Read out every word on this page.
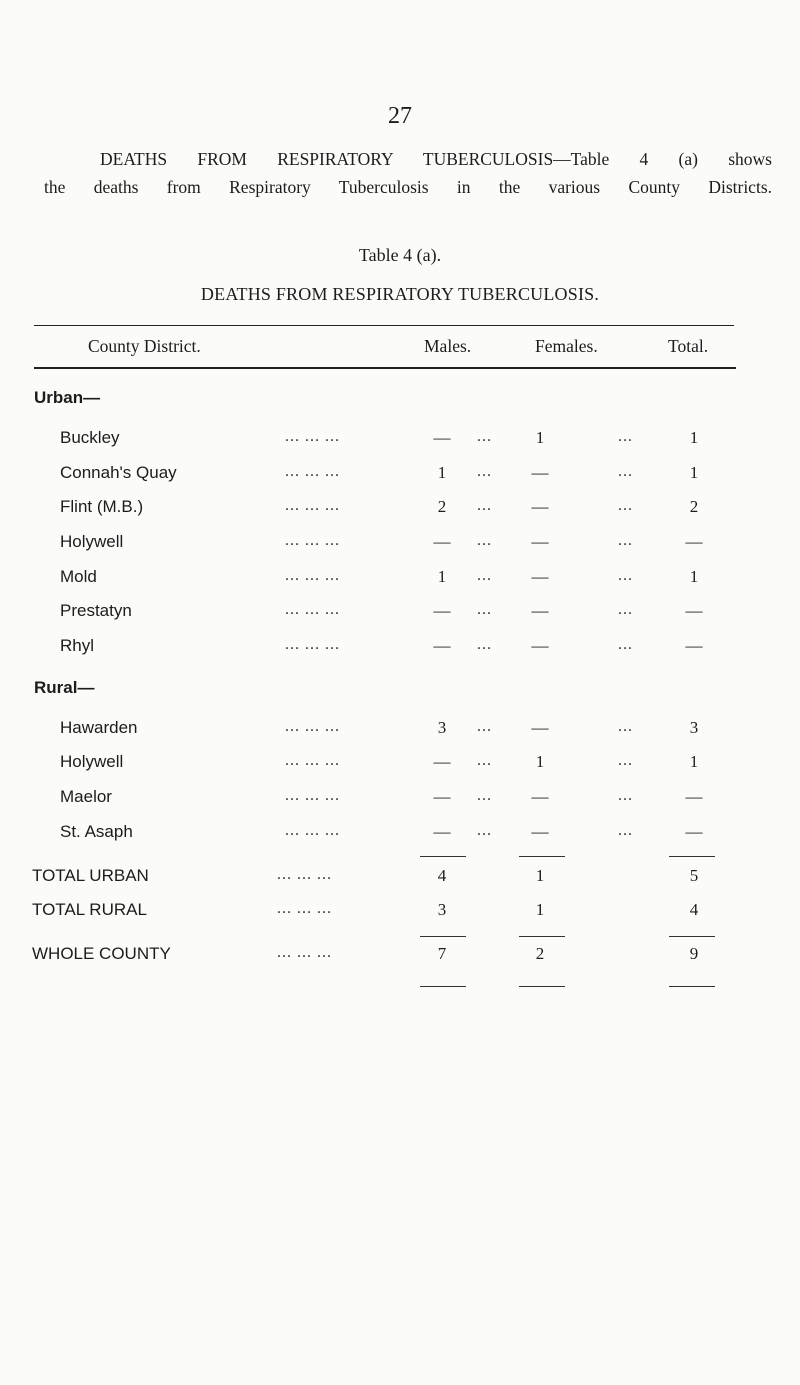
27
DEATHS FROM RESPIRATORY TUBERCULOSIS—Table 4 (a) shows
the deaths from Respiratory Tuberculosis in the various County Districts.
Table 4 (a).
DEATHS FROM RESPIRATORY TUBERCULOSIS.
County District.	Males.	Females.	Total.
Urban—
Buckley	... ... ...	—	...	1	...	1
Connah's Quay	... ... ...	1	...	—	...	1
Flint (M.B.)	... ... ...	2	...	—	...	2
Holywell	... ... ...	—	...	—	...	—
Mold	... ... ...	1	...	—	...	1
Prestatyn	... ... ...	—	...	—	...	—
Rhyl	... ... ...	—	...	—	...	—
Rural—
Hawarden	... ... ...	3	...	—	...	3
Holywell	... ... ...	—	...	1	...	1
Maelor	... ... ...	—	...	—	...	—
St. Asaph	... ... ...	—	...	—	...	—
TOTAL URBAN	... ... ...	4	1	5
TOTAL RURAL	... ... ...	3	1	4
WHOLE COUNTY	... ... ...	7	2	9
